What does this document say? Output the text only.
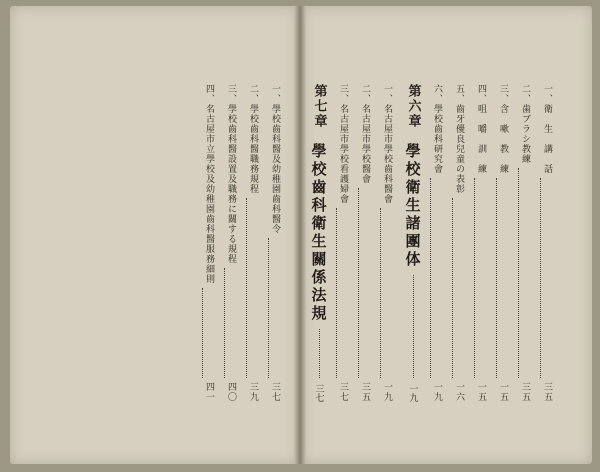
一、衛　生　講　話
三五
二、歯ブラシ教練
三五
三、含　嗽　教　練
一五
四、咀　嚼　訓　練
一五
五、齒牙優良兒童の表彰
一六
六、學校齒科研究會
一九
第六章
學校衛生諸團体
一九
一、名古屋市學校齒科醫會
一九
二、名古屋市學校醫會
三五
三、名古屋市學校看護婦會
三七
第七章
學校齒科衛生關係法規
三七
一、學校齒科醫及幼稚園齒科醫令
三七
二、學校齒科醫職務規程
三九
三、學校齒科醫設置及職務に關する規程
四〇
四、名古屋市立學校及幼稚園齒科醫服務細則
四一
